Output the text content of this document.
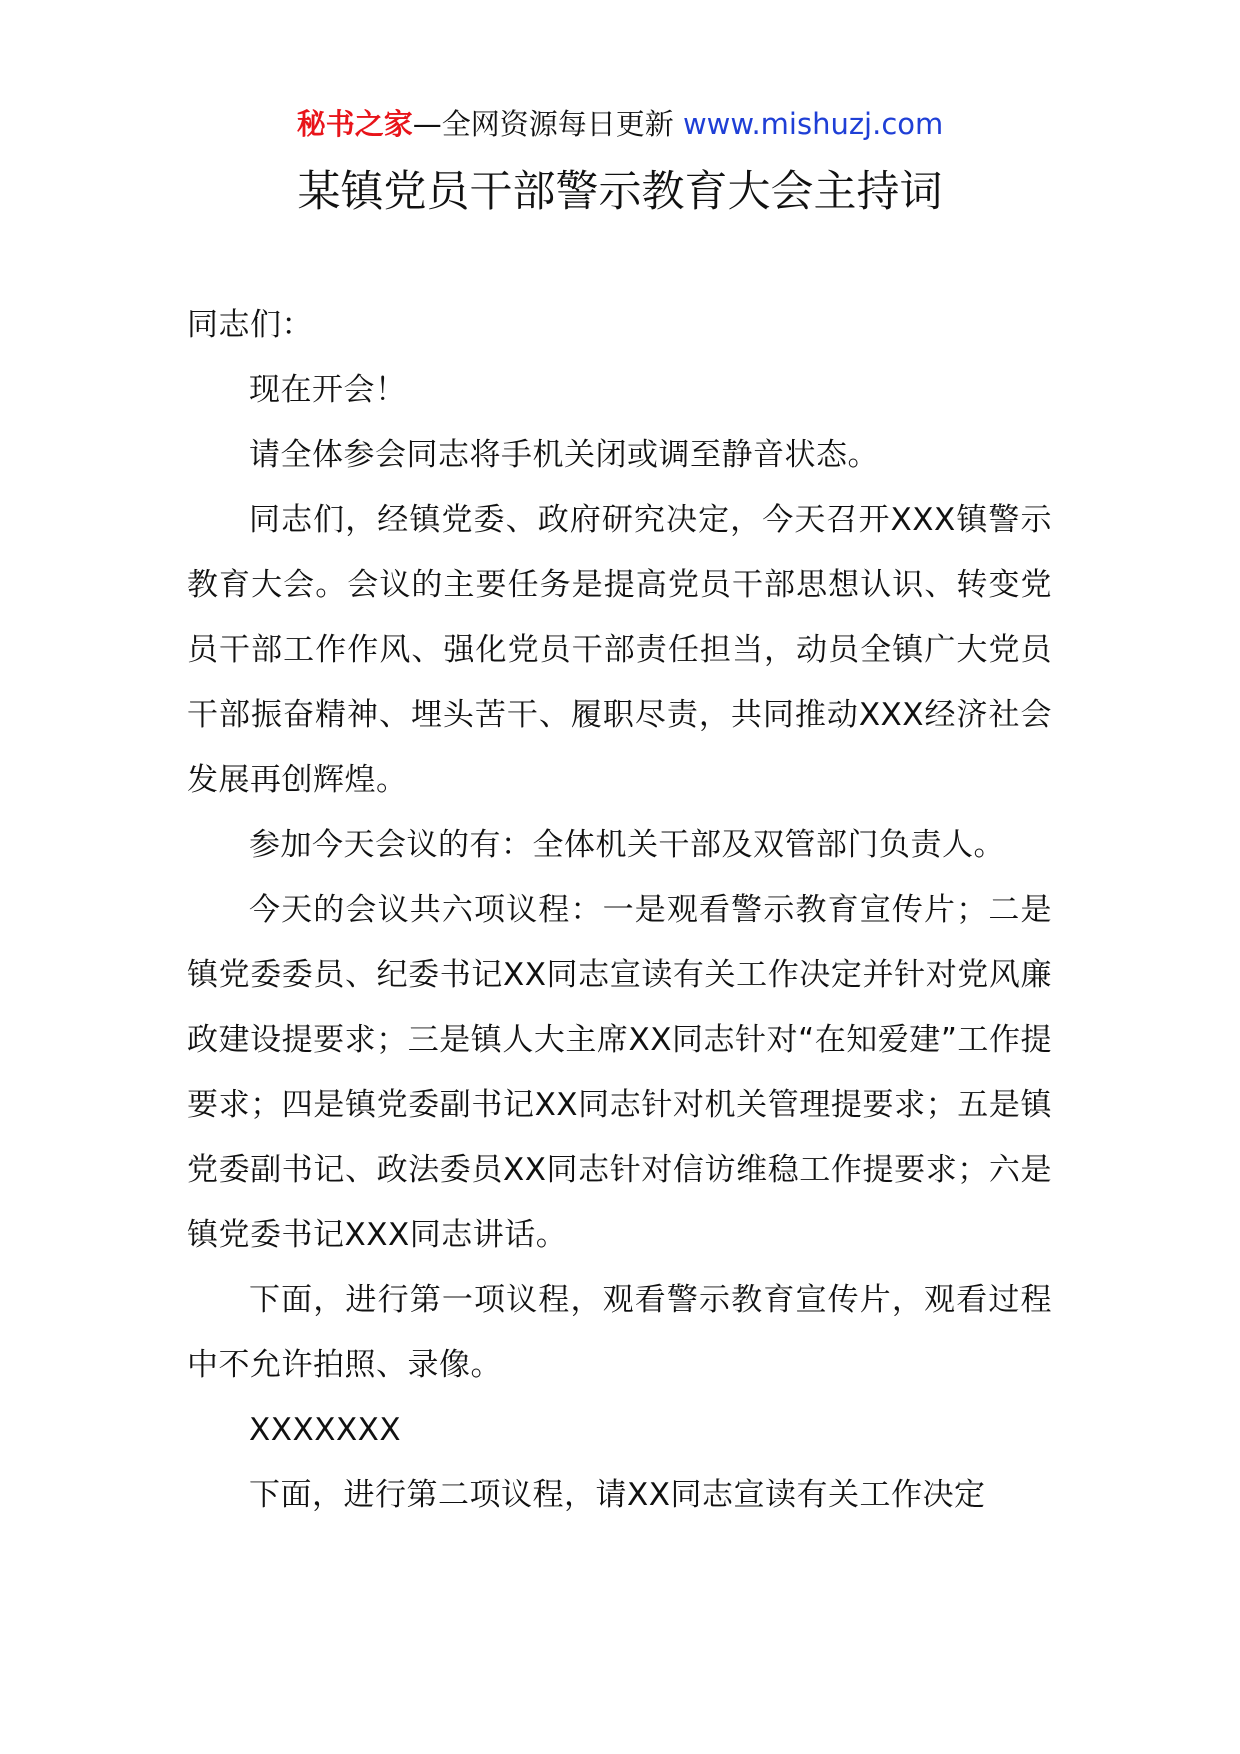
秘书之家—全网资源每日更新 www.mishuzj.com
某镇党员干部警示教育大会主持词

同志们：

现在开会！

请全体参会同志将手机关闭或调至静音状态。

同志们，经镇党委、政府研究决定，今天召开XXX镇警示教育大会。会议的主要任务是提高党员干部思想认识、转变党员干部工作作风、强化党员干部责任担当，动员全镇广大党员干部振奋精神、埋头苦干、履职尽责，共同推动XXX经济社会发展再创辉煌。

参加今天会议的有：全体机关干部及双管部门负责人。

今天的会议共六项议程：一是观看警示教育宣传片；二是镇党委委员、纪委书记XX同志宣读有关工作决定并针对党风廉政建设提要求；三是镇人大主席XX同志针对“在知爱建”工作提要求；四是镇党委副书记XX同志针对机关管理提要求；五是镇党委副书记、政法委员XX同志针对信访维稳工作提要求；六是镇党委书记XXX同志讲话。

下面，进行第一项议程，观看警示教育宣传片，观看过程中不允许拍照、录像。

XXXXXXX

下面，进行第二项议程，请XX同志宣读有关工作决定
